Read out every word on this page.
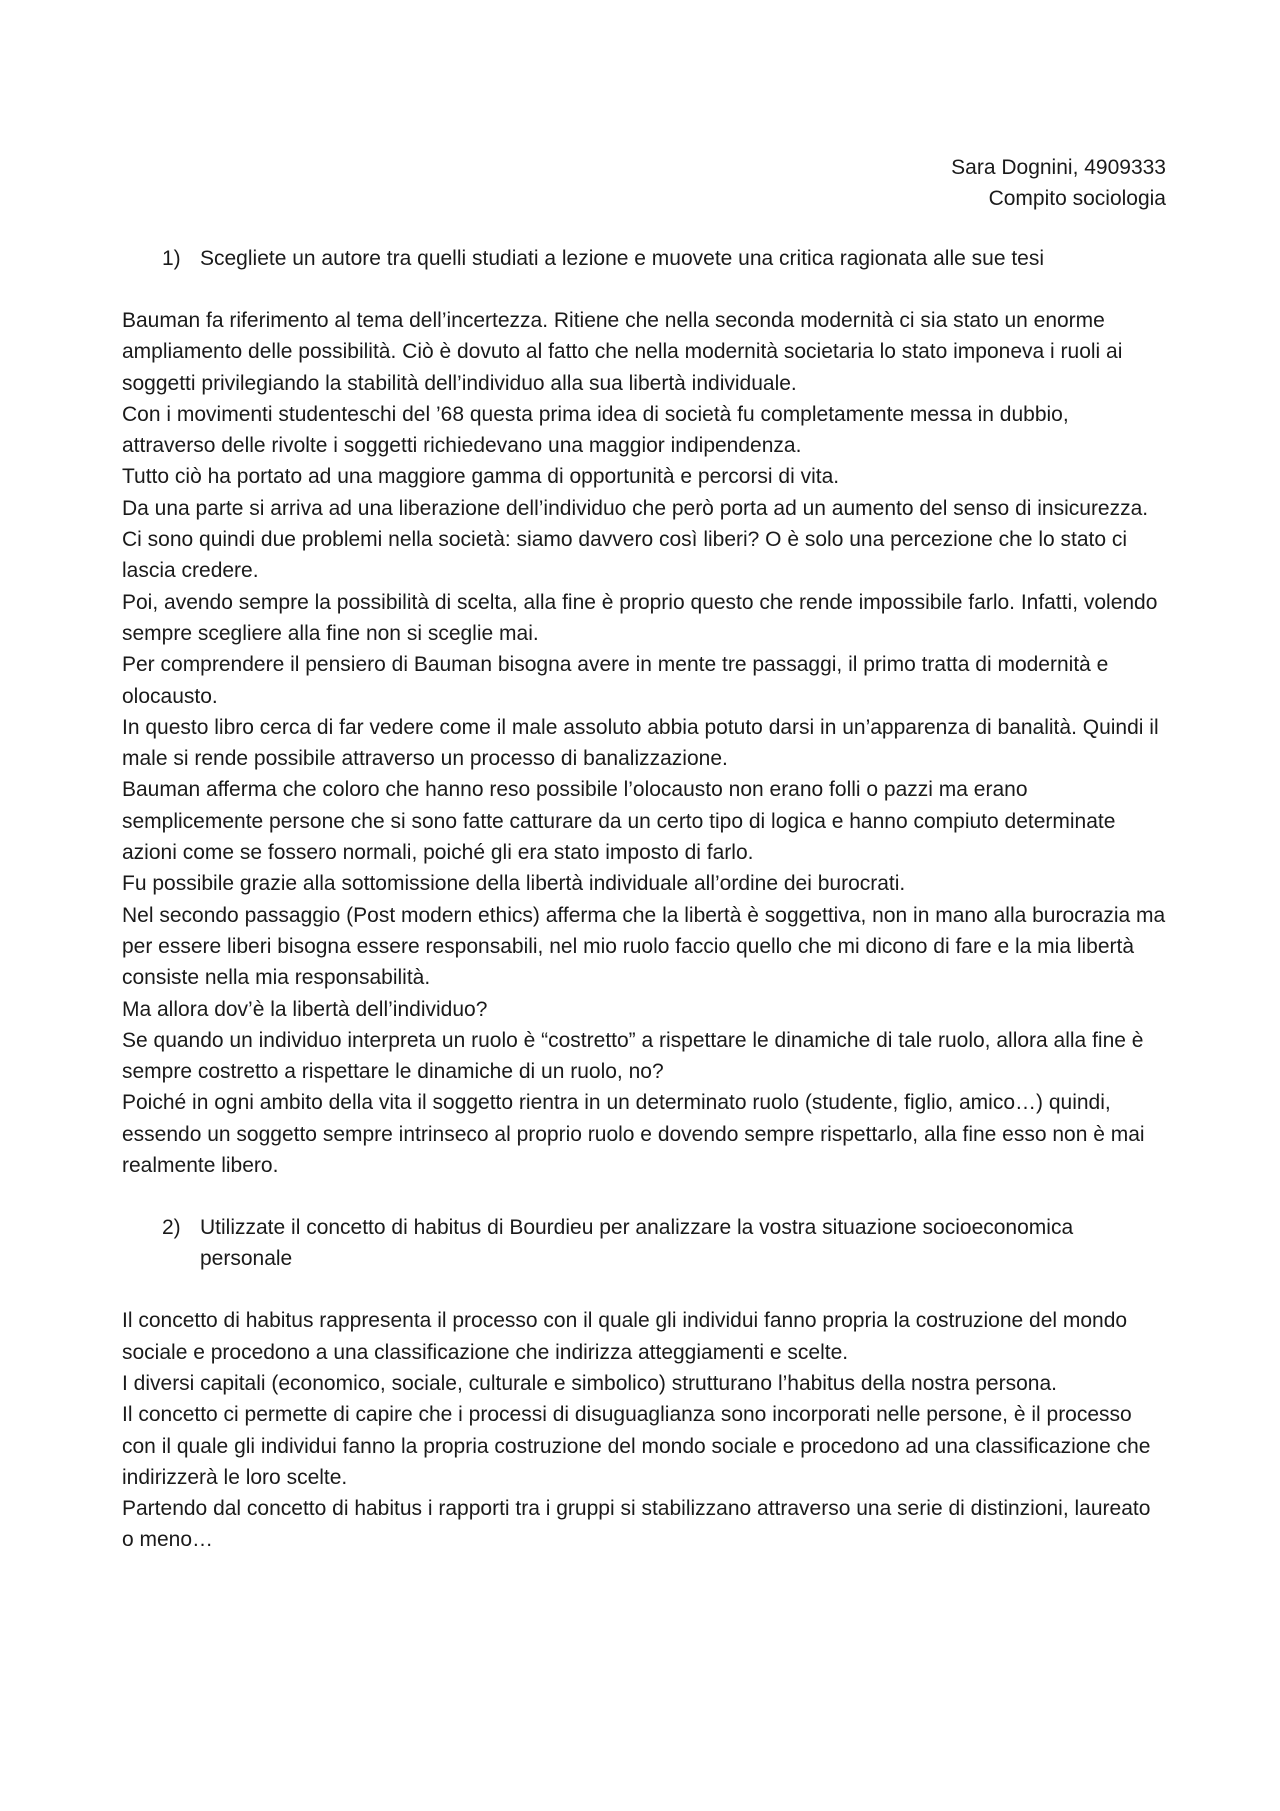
Sara Dognini, 4909333
Compito sociologia
1) Scegliete un autore tra quelli studiati a lezione e muovete una critica ragionata alle sue tesi

Bauman fa riferimento al tema dell’incertezza. Ritiene che nella seconda modernità ci sia stato un enorme ampliamento delle possibilità. Ciò è dovuto al fatto che nella modernità societaria lo stato imponeva i ruoli ai soggetti privilegiando la stabilità dell’individuo alla sua libertà individuale.

Con i movimenti studenteschi del ’68 questa prima idea di società fu completamente messa in dubbio, attraverso delle rivolte i soggetti richiedevano una maggior indipendenza.

Tutto ciò ha portato ad una maggiore gamma di opportunità e percorsi di vita.

Da una parte si arriva ad una liberazione dell’individuo che però porta ad un aumento del senso di insicurezza.

Ci sono quindi due problemi nella società: siamo davvero così liberi? O è solo una percezione che lo stato ci lascia credere.

Poi, avendo sempre la possibilità di scelta, alla fine è proprio questo che rende impossibile farlo. Infatti, volendo sempre scegliere alla fine non si sceglie mai.

Per comprendere il pensiero di Bauman bisogna avere in mente tre passaggi, il primo tratta di modernità e olocausto.

In questo libro cerca di far vedere come il male assoluto abbia potuto darsi in un’apparenza di banalità. Quindi il male si rende possibile attraverso un processo di banalizzazione.

Bauman afferma che coloro che hanno reso possibile l’olocausto non erano folli o pazzi ma erano semplicemente persone che si sono fatte catturare da un certo tipo di logica e hanno compiuto determinate azioni come se fossero normali, poiché gli era stato imposto di farlo.

Fu possibile grazie alla sottomissione della libertà individuale all’ordine dei burocrati.

Nel secondo passaggio (Post modern ethics) afferma che la libertà è soggettiva, non in mano alla burocrazia ma per essere liberi bisogna essere responsabili, nel mio ruolo faccio quello che mi dicono di fare e la mia libertà consiste nella mia responsabilità.

Ma allora dov’è la libertà dell’individuo?

Se quando un individuo interpreta un ruolo è “costretto” a rispettare le dinamiche di tale ruolo, allora alla fine è sempre costretto a rispettare le dinamiche di un ruolo, no?

Poiché in ogni ambito della vita il soggetto rientra in un determinato ruolo (studente, figlio, amico…) quindi, essendo un soggetto sempre intrinseco al proprio ruolo e dovendo sempre rispettarlo, alla fine esso non è mai realmente libero.

2) Utilizzate il concetto di habitus di Bourdieu per analizzare la vostra situazione socioeconomica personale

Il concetto di habitus rappresenta il processo con il quale gli individui fanno propria la costruzione del mondo sociale e procedono a una classificazione che indirizza atteggiamenti e scelte.

I diversi capitali (economico, sociale, culturale e simbolico) strutturano l’habitus della nostra persona.

Il concetto ci permette di capire che i processi di disuguaglianza sono incorporati nelle persone, è il processo con il quale gli individui fanno la propria costruzione del mondo sociale e procedono ad una classificazione che indirizzerà le loro scelte.

Partendo dal concetto di habitus i rapporti tra i gruppi si stabilizzano attraverso una serie di distinzioni, laureato o meno…
